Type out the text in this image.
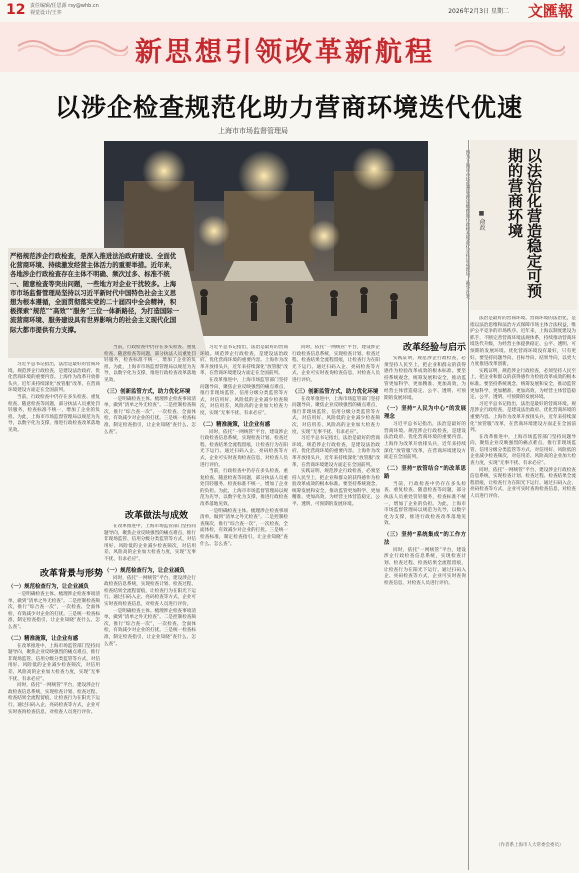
12 责任编辑/任思源 rsy@whb.cn
视觉设计/王弈	2026年2月3日 星期二 文匯報
新思想引领改革新航程
以涉企检查规范化助力营商环境迭代优速
上海市市场监督管理局
严格规范涉企行政检查，是深入推进法治政府建设、全面优化营商环境、持续激发经营主体活力的重要举措。近年来，各地涉企行政检查存在主体不明确、频次过多、标准不统一、随意检查等突出问题，一些地方对企业干扰较多。上海市市场监督管理局坚持以习近平新时代中国特色社会主义思想为根本遵循，全面贯彻落实党的二十届四中全会精神，积极探索“规范”“高效”“服务”三位一体新路径，为打造国际一流营商环境、服务建设具有世界影响力的社会主义现代化国际大都市提供有力支撑。

习近平总书记指出，法治是最好的营商环境。规范涉企行政检查，是建设法治政府、优化营商环境的重要内容。上海作为改革开放排头兵，近年来持续深化“放管服”改革，在营商环境建设方面走在全国前列。

当前，行政检查中仍存在多头检查、重复检查、随意检查等问题，部分执法人员重处罚轻服务，检查标准不统一，增加了企业的负担。为此，上海市市场监督管理局以规范为先导，以数字化为支撑，推进行政检查改革落地见效。

改革背景与形势
（一）规范检查行为，让企业减负

一是明确检查主体。梳理涉企检查事项清单，做到“清单之外无检查”。二是控制检查频次，推行“综合查一次”，一次检查、全面体检，有效减少对企业的打扰。三是统一检查标准，制定检查指引，让企业知晓“查什么、怎么查”。

（二）精准施策，让企业有感

在改革推进中，上海市场监管部门坚持问题导向，聚焦企业反映强烈的痛点难点，推行非现场监管、信用分级分类监管等方式，对信用好、风险低的企业减少检查频次，对信用差、风险高的企业加大检查力度，实现“无事不扰、有求必应”。

同时，依托“一网统管”平台，建设涉企行政检查信息系统，实现检查计划、检查过程、检查结果全流程留痕，让检查行为在阳光下运行。通过扫码入企、亮码检查等方式，企业可实时查询检查信息，对检查人员进行评价。

当前，行政检查中仍存在多头检查、重复检查、随意检查等问题，部分执法人员重处罚轻服务，检查标准不统一，增加了企业的负担。为此，上海市市场监督管理局以规范为先导，以数字化为支撑，推进行政检查改革落地见效。

（三）创新监管方式，助力优化环境

一是明确检查主体。梳理涉企检查事项清单，做到“清单之外无检查”。二是控制检查频次，推行“综合查一次”，一次检查、全面体检，有效减少对企业的打扰。三是统一检查标准，制定检查指引，让企业知晓“查什么、怎么查”。

改革做法与成效

在改革推进中，上海市场监管部门坚持问题导向，聚焦企业反映强烈的痛点难点，推行非现场监管、信用分级分类监管等方式，对信用好、风险低的企业减少检查频次，对信用差、风险高的企业加大检查力度，实现“无事不扰、有求必应”。

（一）规范检查行为，让企业减负

同时，依托“一网统管”平台，建设涉企行政检查信息系统，实现检查计划、检查过程、检查结果全流程留痕，让检查行为在阳光下运行。通过扫码入企、亮码检查等方式，企业可实时查询检查信息，对检查人员进行评价。

一是明确检查主体。梳理涉企检查事项清单，做到“清单之外无检查”。二是控制检查频次，推行“综合查一次”，一次检查、全面体检，有效减少对企业的打扰。三是统一检查标准，制定检查指引，让企业知晓“查什么、怎么查”。

习近平总书记指出，法治是最好的营商环境。规范涉企行政检查，是建设法治政府、优化营商环境的重要内容。上海作为改革开放排头兵，近年来持续深化“放管服”改革，在营商环境建设方面走在全国前列。

在改革推进中，上海市场监管部门坚持问题导向，聚焦企业反映强烈的痛点难点，推行非现场监管、信用分级分类监管等方式，对信用好、风险低的企业减少检查频次，对信用差、风险高的企业加大检查力度，实现“无事不扰、有求必应”。

（二）精准施策，让企业有感

同时，依托“一网统管”平台，建设涉企行政检查信息系统，实现检查计划、检查过程、检查结果全流程留痕，让检查行为在阳光下运行。通过扫码入企、亮码检查等方式，企业可实时查询检查信息，对检查人员进行评价。

当前，行政检查中仍存在多头检查、重复检查、随意检查等问题，部分执法人员重处罚轻服务，检查标准不统一，增加了企业的负担。为此，上海市市场监督管理局以规范为先导，以数字化为支撑，推进行政检查改革落地见效。

一是明确检查主体。梳理涉企检查事项清单，做到“清单之外无检查”。二是控制检查频次，推行“综合查一次”，一次检查、全面体检，有效减少对企业的打扰。三是统一检查标准，制定检查指引，让企业知晓“查什么、怎么查”。

同时，依托“一网统管”平台，建设涉企行政检查信息系统，实现检查计划、检查过程、检查结果全流程留痕，让检查行为在阳光下运行。通过扫码入企、亮码检查等方式，企业可实时查询检查信息，对检查人员进行评价。

（三）创新监管方式，助力优化环境

在改革推进中，上海市场监管部门坚持问题导向，聚焦企业反映强烈的痛点难点，推行非现场监管、信用分级分类监管等方式，对信用好、风险低的企业减少检查频次，对信用差、风险高的企业加大检查力度，实现“无事不扰、有求必应”。

习近平总书记指出，法治是最好的营商环境。规范涉企行政检查，是建设法治政府、优化营商环境的重要内容。上海作为改革开放排头兵，近年来持续深化“放管服”改革，在营商环境建设方面走在全国前列。

实践证明，规范涉企行政检查，必须坚持人民至上，把企业和群众的获得感作为检验改革成效的根本标准。要坚持系统观念，统筹发展和安全，推动监管更加科学、更加精准、更加高效，为经营主体营造稳定、公平、透明、可预期的发展环境。

改革经验与启示

实践证明，规范涉企行政检查，必须坚持人民至上，把企业和群众的获得感作为检验改革成效的根本标准。要坚持系统观念，统筹发展和安全，推动监管更加科学、更加精准、更加高效，为经营主体营造稳定、公平、透明、可预期的发展环境。

（一）坚持“人民为中心”的发展理念

习近平总书记指出，法治是最好的营商环境。规范涉企行政检查，是建设法治政府、优化营商环境的重要内容。上海作为改革开放排头兵，近年来持续深化“放管服”改革，在营商环境建设方面走在全国前列。

（二）坚持“放管结合”的改革思路

当前，行政检查中仍存在多头检查、重复检查、随意检查等问题，部分执法人员重处罚轻服务，检查标准不统一，增加了企业的负担。为此，上海市市场监督管理局以规范为先导，以数字化为支撑，推进行政检查改革落地见效。

（三）坚持“系统集成”的工作方法

同时，依托“一网统管”平台，建设涉企行政检查信息系统，实现检查计划、检查过程、检查结果全流程留痕，让检查行为在阳光下运行。通过扫码入企、亮码检查等方式，企业可实时查询检查信息，对检查人员进行评价。

以法治化营造稳定可预期的营商环境
■ 俞政

法治是最好的营商环境。营商环境的法治化，是指以法治思维和法治方式保障市场主体合法权益，维护公平竞争的市场秩序。近年来，上海以制度建设为抓手，不断完善营商环境法规体系，持续推动营商环境迭代升级，为经营主体提供稳定、公平、透明、可预期的发展环境。优化营商环境没有最好，只有更好。要坚持问题导向、目标导向、结果导向，以更大力度推进改革创新。

实践证明，规范涉企行政检查，必须坚持人民至上，把企业和群众的获得感作为检验改革成效的根本标准。要坚持系统观念，统筹发展和安全，推动监管更加科学、更加精准、更加高效，为经营主体营造稳定、公平、透明、可预期的发展环境。

习近平总书记指出，法治是最好的营商环境。规范涉企行政检查，是建设法治政府、优化营商环境的重要内容。上海作为改革开放排头兵，近年来持续深化“放管服”改革，在营商环境建设方面走在全国前列。

在改革推进中，上海市场监管部门坚持问题导向，聚焦企业反映强烈的痛点难点，推行非现场监管、信用分级分类监管等方式，对信用好、风险低的企业减少检查频次，对信用差、风险高的企业加大检查力度，实现“无事不扰、有求必应”。

同时，依托“一网统管”平台，建设涉企行政检查信息系统，实现检查计划、检查过程、检查结果全流程留痕，让检查行为在阳光下运行。通过扫码入企、亮码检查等方式，企业可实时查询检查信息，对检查人员进行评价。

（作者系上海市人大常委会委员）
